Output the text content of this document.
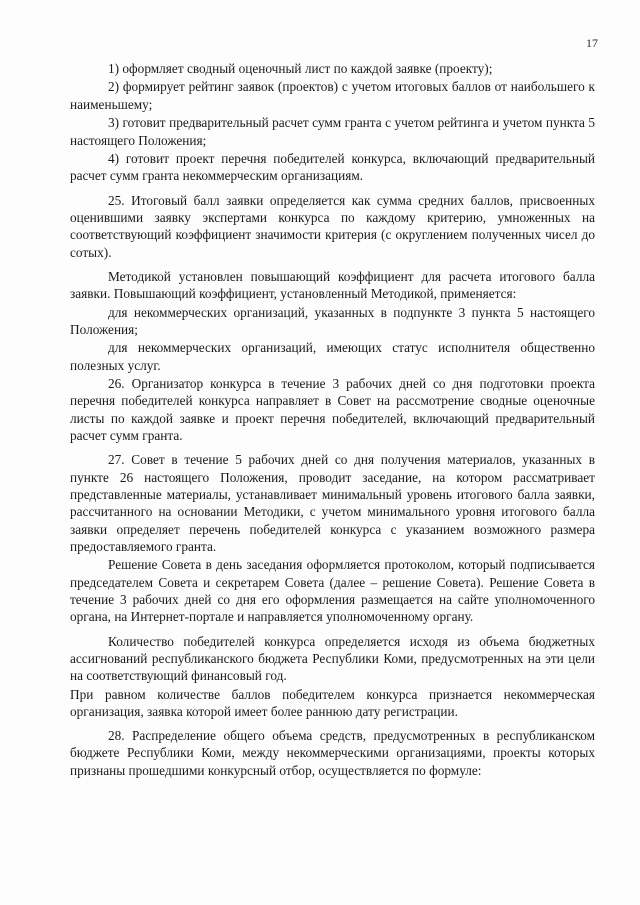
17

1) оформляет сводный оценочный лист по каждой заявке (проекту);

2) формирует рейтинг заявок (проектов) с учетом итоговых баллов от наибольшего к наименьшему;

3) готовит предварительный расчет сумм гранта с учетом рейтинга и учетом пункта 5 настоящего Положения;

4) готовит проект перечня победителей конкурса, включающий предварительный расчет сумм гранта некоммерческим организациям.

25. Итоговый балл заявки определяется как сумма средних баллов, присвоенных оценившими заявку экспертами конкурса по каждому критерию, умноженных на соответствующий коэффициент значимости критерия (с округлением полученных чисел до сотых).

Методикой установлен повышающий коэффициент для расчета итогового балла заявки. Повышающий коэффициент, установленный Методикой, применяется:

для некоммерческих организаций, указанных в подпункте 3 пункта 5 настоящего Положения;

для некоммерческих организаций, имеющих статус исполнителя общественно полезных услуг.

26. Организатор конкурса в течение 3 рабочих дней со дня подготовки проекта перечня победителей конкурса направляет в Совет на рассмотрение сводные оценочные листы по каждой заявке и проект перечня победителей, включающий предварительный расчет сумм гранта.

27. Совет в течение 5 рабочих дней со дня получения материалов, указанных в пункте 26 настоящего Положения, проводит заседание, на котором рассматривает представленные материалы, устанавливает минимальный уровень итогового балла заявки, рассчитанного на основании Методики, с учетом минимального уровня итогового балла заявки определяет перечень победителей конкурса с указанием возможного размера предоставляемого гранта.

Решение Совета в день заседания оформляется протоколом, который подписывается председателем Совета и секретарем Совета (далее – решение Совета). Решение Совета в течение 3 рабочих дней со дня его оформления размещается на сайте уполномоченного органа, на Интернет-портале и направляется уполномоченному органу.

Количество победителей конкурса определяется исходя из объема бюджетных ассигнований республиканского бюджета Республики Коми, предусмотренных на эти цели на соответствующий финансовый год.

При равном количестве баллов победителем конкурса признается некоммерческая организация, заявка которой имеет более раннюю дату регистрации.

28. Распределение общего объема средств, предусмотренных в республиканском бюджете Республики Коми, между некоммерческими организациями, проекты которых признаны прошедшими конкурсный отбор, осуществляется по формуле:
